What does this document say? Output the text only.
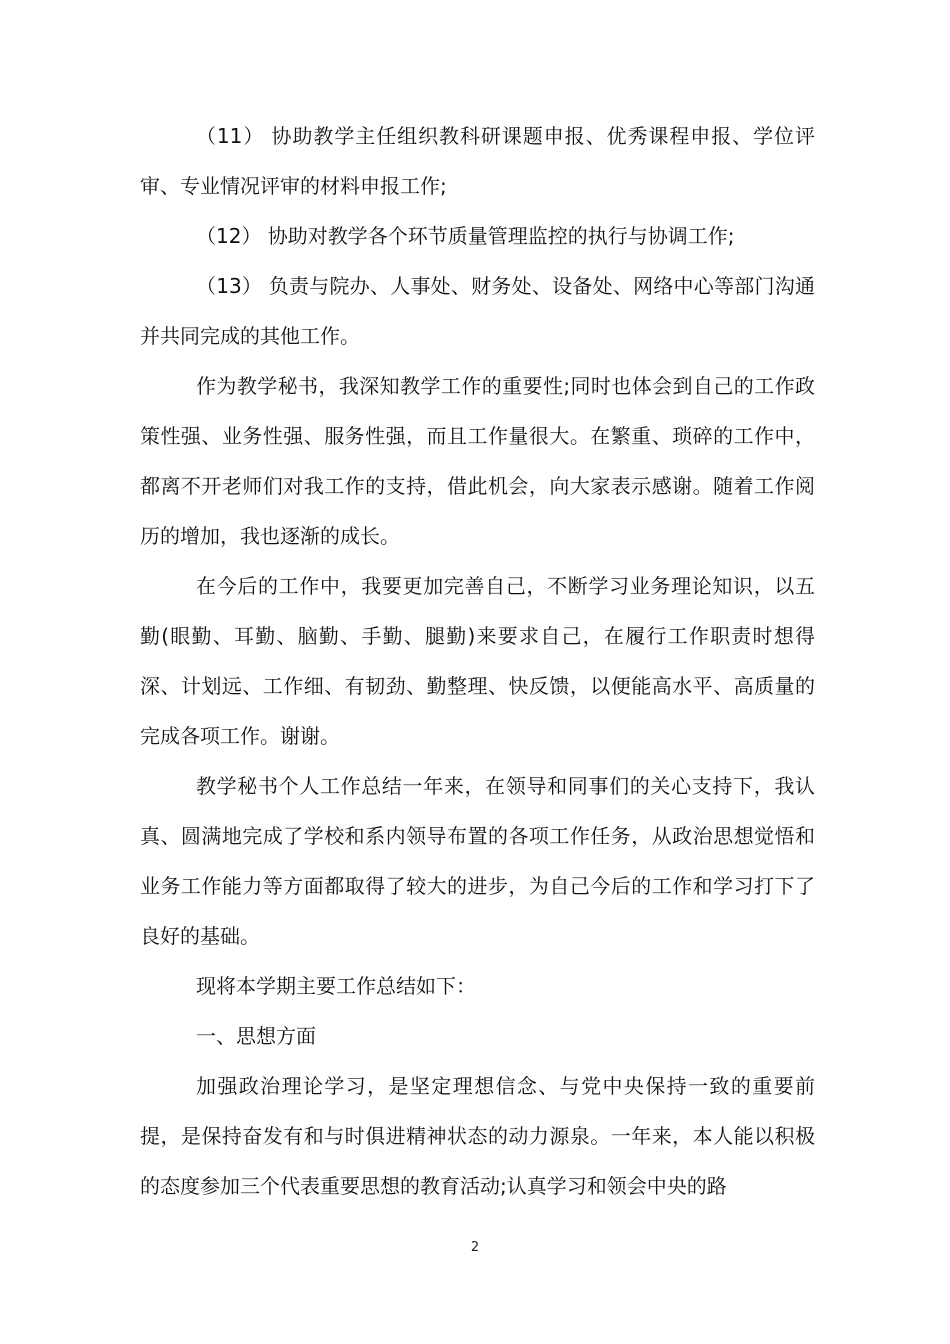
（11） 协助教学主任组织教科研课题申报、优秀课程申报、学位评审、专业情况评审的材料申报工作;

（12） 协助对教学各个环节质量管理监控的执行与协调工作;

（13） 负责与院办、人事处、财务处、设备处、网络中心等部门沟通并共同完成的其他工作。

作为教学秘书，我深知教学工作的重要性;同时也体会到自己的工作政策性强、业务性强、服务性强，而且工作量很大。在繁重、琐碎的工作中，都离不开老师们对我工作的支持，借此机会，向大家表示感谢。随着工作阅历的增加，我也逐渐的成长。

在今后的工作中，我要更加完善自己，不断学习业务理论知识，以五勤(眼勤、耳勤、脑勤、手勤、腿勤)来要求自己，在履行工作职责时想得深、计划远、工作细、有韧劲、勤整理、快反馈，以便能高水平、高质量的完成各项工作。谢谢。

教学秘书个人工作总结一年来，在领导和同事们的关心支持下，我认真、圆满地完成了学校和系内领导布置的各项工作任务，从政治思想觉悟和业务工作能力等方面都取得了较大的进步，为自己今后的工作和学习打下了良好的基础。

现将本学期主要工作总结如下：

一、思想方面

加强政治理论学习，是坚定理想信念、与党中央保持一致的重要前提，是保持奋发有和与时俱进精神状态的动力源泉。一年来，本人能以积极的态度参加三个代表重要思想的教育活动;认真学习和领会中央的路

2
